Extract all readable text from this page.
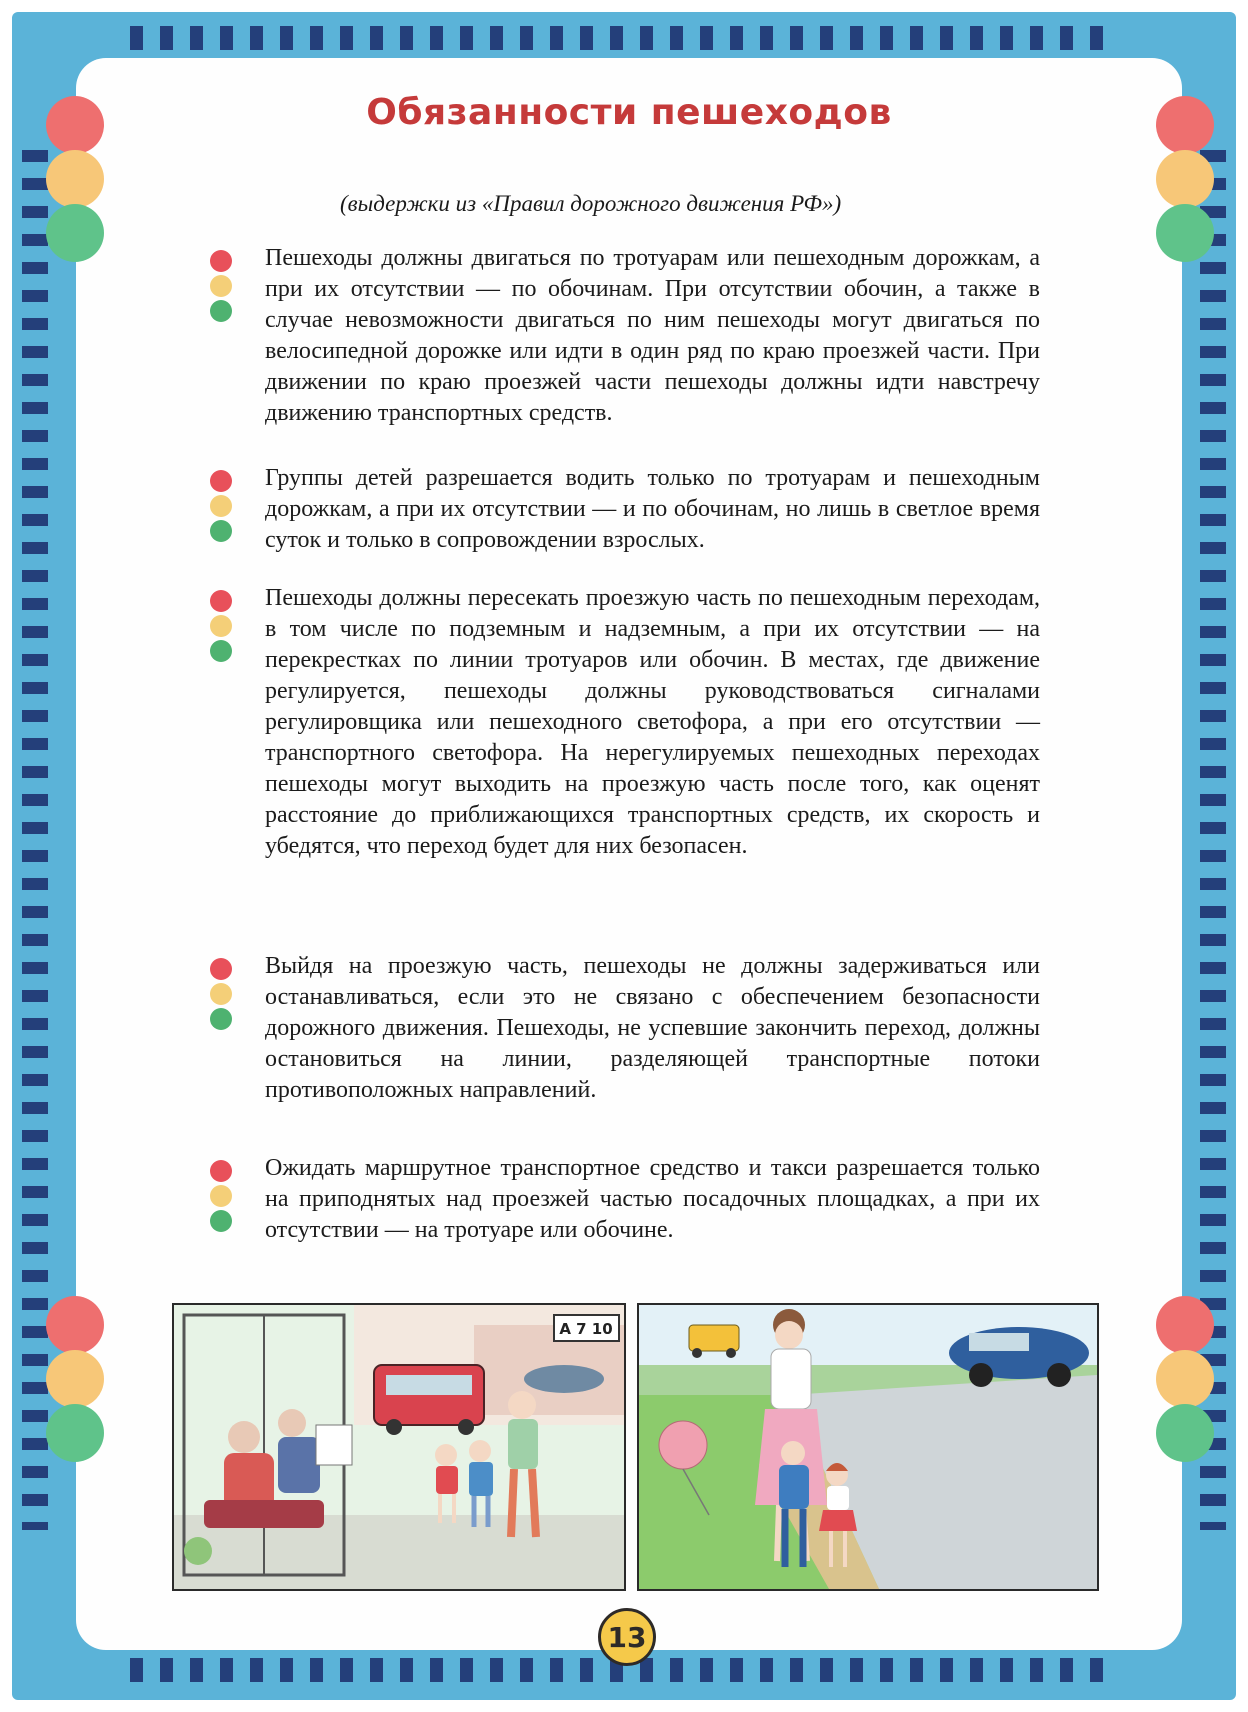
Обязанности пешеходов
(выдержки из «Правил дорожного движения РФ»)

Пешеходы должны двигаться по тротуарам или пешеходным дорожкам, а при их отсутствии — по обочинам. При отсутствии обочин, а также в случае невозможности двигаться по ним пешеходы могут двигаться по велосипедной дорожке или идти в один ряд по краю проезжей части. При движении по краю проезжей части пешеходы должны идти навстречу движению транспортных средств.

Группы детей разрешается водить только по тротуарам и пешеходным дорожкам, а при их отсутствии — и по обочинам, но лишь в светлое время суток и только в сопровождении взрослых.

Пешеходы должны пересекать проезжую часть по пешеходным переходам, в том числе по подземным и надземным, а при их отсутствии — на перекрестках по линии тротуаров или обочин. В местах, где движение регулируется, пешеходы должны руководствоваться сигналами регулировщика или пешеходного светофора, а при его отсутствии — транспортного светофора. На нерегулируемых пешеходных переходах пешеходы могут выходить на проезжую часть после того, как оценят расстояние до приближающихся транспортных средств, их скорость и убедятся, что переход будет для них безопасен.

Выйдя на проезжую часть, пешеходы не должны задерживаться или останавливаться, если это не связано с обеспечением безопасности дорожного движения. Пешеходы, не успевшие закончить переход, должны остановиться на линии, разделяющей транспортные потоки противоположных направлений.

Ожидать маршрутное транспортное средство и такси разрешается только на приподнятых над проезжей частью посадочных площадках, а при их отсутствии — на тротуаре или обочине.

А 7 10
13
